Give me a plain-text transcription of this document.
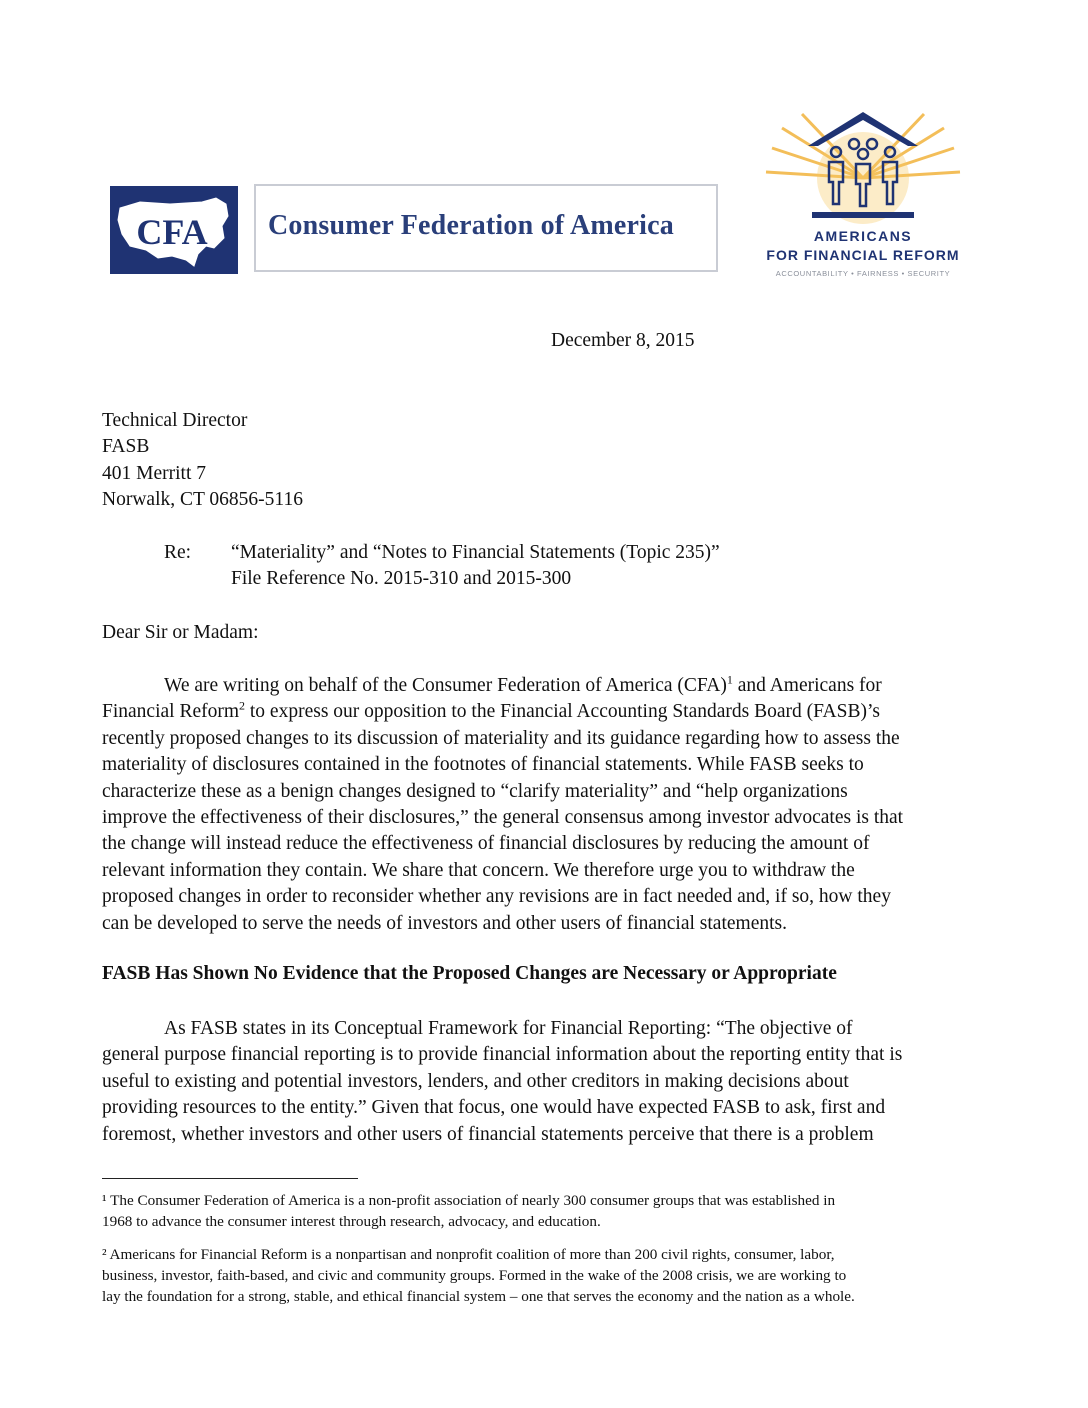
CFA Consumer Federation of America	AMERICANS
FOR FINANCIAL REFORM
ACCOUNTABILITY • FAIRNESS • SECURITY
December 8, 2015
Technical Director
FASB
401 Merritt 7
Norwalk, CT 06856-5116
Re: “Materiality” and “Notes to Financial Statements (Topic 235)”
File Reference No. 2015-310 and 2015-300
Dear Sir or Madam:
We are writing on behalf of the Consumer Federation of America (CFA)$^1$ and Americans for
Financial Reform$^2$ to express our opposition to the Financial Accounting Standards Board (FASB)’s
recently proposed changes to its discussion of materiality and its guidance regarding how to assess the
materiality of disclosures contained in the footnotes of financial statements. While FASB seeks to
characterize these as a benign changes designed to “clarify materiality” and “help organizations
improve the effectiveness of their disclosures,” the general consensus among investor advocates is that
the change will instead reduce the effectiveness of financial disclosures by reducing the amount of
relevant information they contain. We share that concern. We therefore urge you to withdraw the
proposed changes in order to reconsider whether any revisions are in fact needed and, if so, how they
can be developed to serve the needs of investors and other users of financial statements.
FASB Has Shown No Evidence that the Proposed Changes are Necessary or Appropriate
As FASB states in its Conceptual Framework for Financial Reporting: “The objective of
general purpose financial reporting is to provide financial information about the reporting entity that is
useful to existing and potential investors, lenders, and other creditors in making decisions about
providing resources to the entity.” Given that focus, one would have expected FASB to ask, first and
foremost, whether investors and other users of financial statements perceive that there is a problem
¹ The Consumer Federation of America is a non-profit association of nearly 300 consumer groups that was established in
1968 to advance the consumer interest through research, advocacy, and education.
² Americans for Financial Reform is a nonpartisan and nonprofit coalition of more than 200 civil rights, consumer, labor,
business, investor, faith-based, and civic and community groups. Formed in the wake of the 2008 crisis, we are working to
lay the foundation for a strong, stable, and ethical financial system – one that serves the economy and the nation as a whole.
